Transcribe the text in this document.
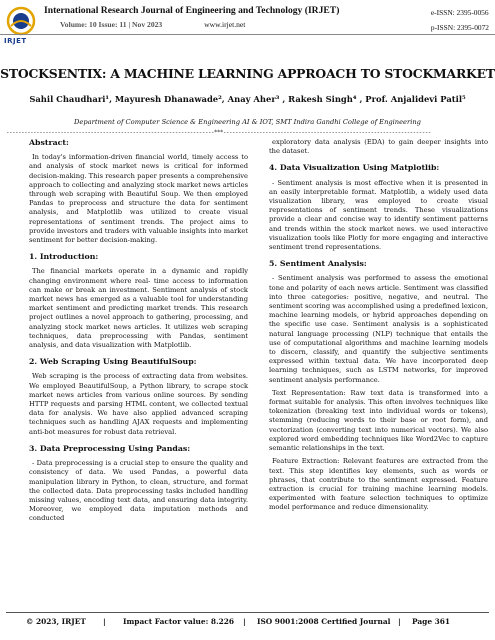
IRJET
International Research Journal of Engineering and Technology (IRJET)
Volume: 10 Issue: 11 | Nov 2023	www.irjet.net
e-ISSN: 2395-0056
p-ISSN: 2395-0072
STOCKSENTIX: A MACHINE LEARNING APPROACH TO STOCKMARKET
Sahil Chaudhari¹, Mayuresh Dhanawade², Anay Aher³ , Rakesh Singh⁴ , Prof. Anjalidevi Patil⁵
Department of Computer Science & Engineering AI & IOT, SMT Indira Gandhi College of Engineering
---------------------------------------------------------------------***---------------------------------------------------------------------
Abstract:

In today's information-driven financial world, timely access to and analysis of stock market news is critical for informed decision-making. This research paper presents a comprehensive approach to collecting and analyzing stock market news articles through web scraping with Beautiful Soup. We then employed Pandas to preprocess and structure the data for sentiment analysis, and Matplotlib was utilized to create visual representations of sentiment trends. The project aims to provide investors and traders with valuable insights into market sentiment for better decision-making.

1. Introduction:

The financial markets operate in a dynamic and rapidly changing environment where real- time access to information can make or break an investment. Sentiment analysis of stock market news has emerged as a valuable tool for understanding market sentiment and predicting market trends. This research project outlines a novel approach to gathering, processing, and analyzing stock market news articles. It utilizes web scraping techniques, data preprocessing with Pandas, sentiment analysis, and data visualization with Matplotlib.

2. Web Scraping Using BeautifulSoup:

Web scraping is the process of extracting data from websites. We employed BeautifulSoup, a Python library, to scrape stock market news articles from various online sources. By sending HTTP requests and parsing HTML content, we collected textual data for analysis. We have also applied advanced scraping techniques such as handling AJAX requests and implementing anti-bot measures for robust data retrieval.

3. Data Preprocessing Using Pandas:

- Data preprocessing is a crucial step to ensure the quality and consistency of data. We used Pandas, a powerful data manipulation library in Python, to clean, structure, and format the collected data. Data preprocessing tasks included handling missing values, encoding text data, and ensuring data integrity. Moreover, we employed data imputation methods and conducted

exploratory data analysis (EDA) to gain deeper insights into the dataset.

4. Data Visualization Using Matplotlib:

- Sentiment analysis is most effective when it is presented in an easily interpretable format. Matplotlib, a widely used data visualization library, was employed to create visual representations of sentiment trends. These visualizations provide a clear and concise way to identify sentiment patterns and trends within the stock market news. we used interactive visualization tools like Plotly for more engaging and interactive sentiment trend representations.

5. Sentiment Analysis:

- Sentiment analysis was performed to assess the emotional tone and polarity of each news article. Sentiment was classified into three categories: positive, negative, and neutral. The sentiment scoring was accomplished using a predefined lexicon, machine learning models, or hybrid approaches depending on the specific use case. Sentiment analysis is a sophisticated natural language processing (NLP) technique that entails the use of computational algorithms and machine learning models to discern, classify, and quantify the subjective sentiments expressed within textual data. We have incorporated deep learning techniques, such as LSTM networks, for improved sentiment analysis performance.

Text Representation: Raw text data is transformed into a format suitable for analysis. This often involves techniques like tokenization (breaking text into individual words or tokens), stemming (reducing words to their base or root form), and vectorization (converting text into numerical vectors). We also explored word embedding techniques like Word2Vec to capture semantic relationships in the text.

Feature Extraction: Relevant features are extracted from the text. This step identifies key elements, such as words or phrases, that contribute to the sentiment expressed. Feature extraction is crucial for training machine learning models. experimented with feature selection techniques to optimize model performance and reduce dimensionality.

© 2023, IRJET | Impact Factor value: 8.226 | ISO 9001:2008 Certified Journal | Page 361
